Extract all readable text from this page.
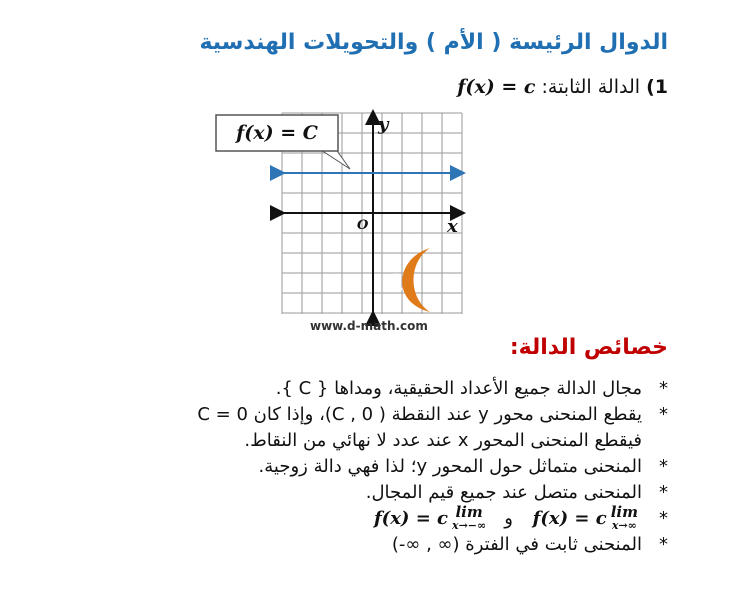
الدوال الرئيسة ( الأم ) والتحويلات الهندسية
1) الدالة الثابتة: f(x) = c
الدبس
f(x) = C	y
x
O
www.d-math.com
خصائص الدالة:
*مجال الدالة جميع الأعداد الحقيقية، ومداها { C }.
*يقطع المنحنى محور y عند النقطة ( C , 0)، وإذا كان C = 0
فيقطع المنحنى المحور x عند عدد لا نهائي من النقاط.
*المنحنى متماثل حول المحور y؛ لذا فهي دالة زوجية.
*المنحنى متصل عند جميع قيم المجال.
*
lim
x→∞
f(x) = c و
lim
x→−∞
f(x) = c
*المنحنى ثابت في الفترة (∞ , ∞-)
